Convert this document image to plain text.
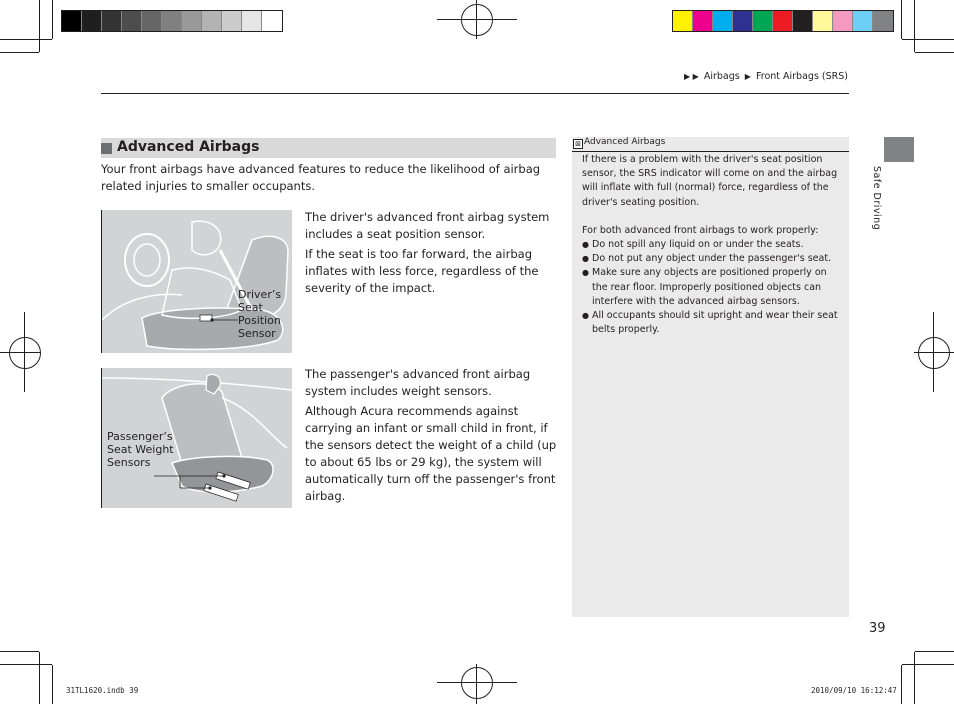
▶ ▶ Airbags ▶ Front Airbags (SRS)
Advanced Airbags
Your front airbags have advanced features to reduce the likelihood of airbag related injuries to smaller occupants.
Driver’s Seat Position Sensor

The driver's advanced front airbag system includes a seat position sensor.

If the seat is too far forward, the airbag inflates with less force, regardless of the severity of the impact.

Passenger’s Seat Weight Sensors

The passenger's advanced front airbag system includes weight sensors.

Although Acura recommends against carrying an infant or small child in front, if the sensors detect the weight of a child (up to about 65 lbs or 29 kg), the system will automatically turn off the passenger's front airbag.

⊠ Advanced Airbags

If there is a problem with the driver's seat position sensor, the SRS indicator will come on and the airbag will inflate with full (normal) force, regardless of the driver's seating position.

For both advanced front airbags to work properly:

● Do not spill any liquid on or under the seats.
● Do not put any object under the passenger's seat.
● Make sure any objects are positioned properly on the rear floor. Improperly positioned objects can interfere with the advanced airbag sensors.
● All occupants should sit upright and wear their seat belts properly.
Safe Driving
39
31TL1620.indb 39	2010/09/10 16:12:47
